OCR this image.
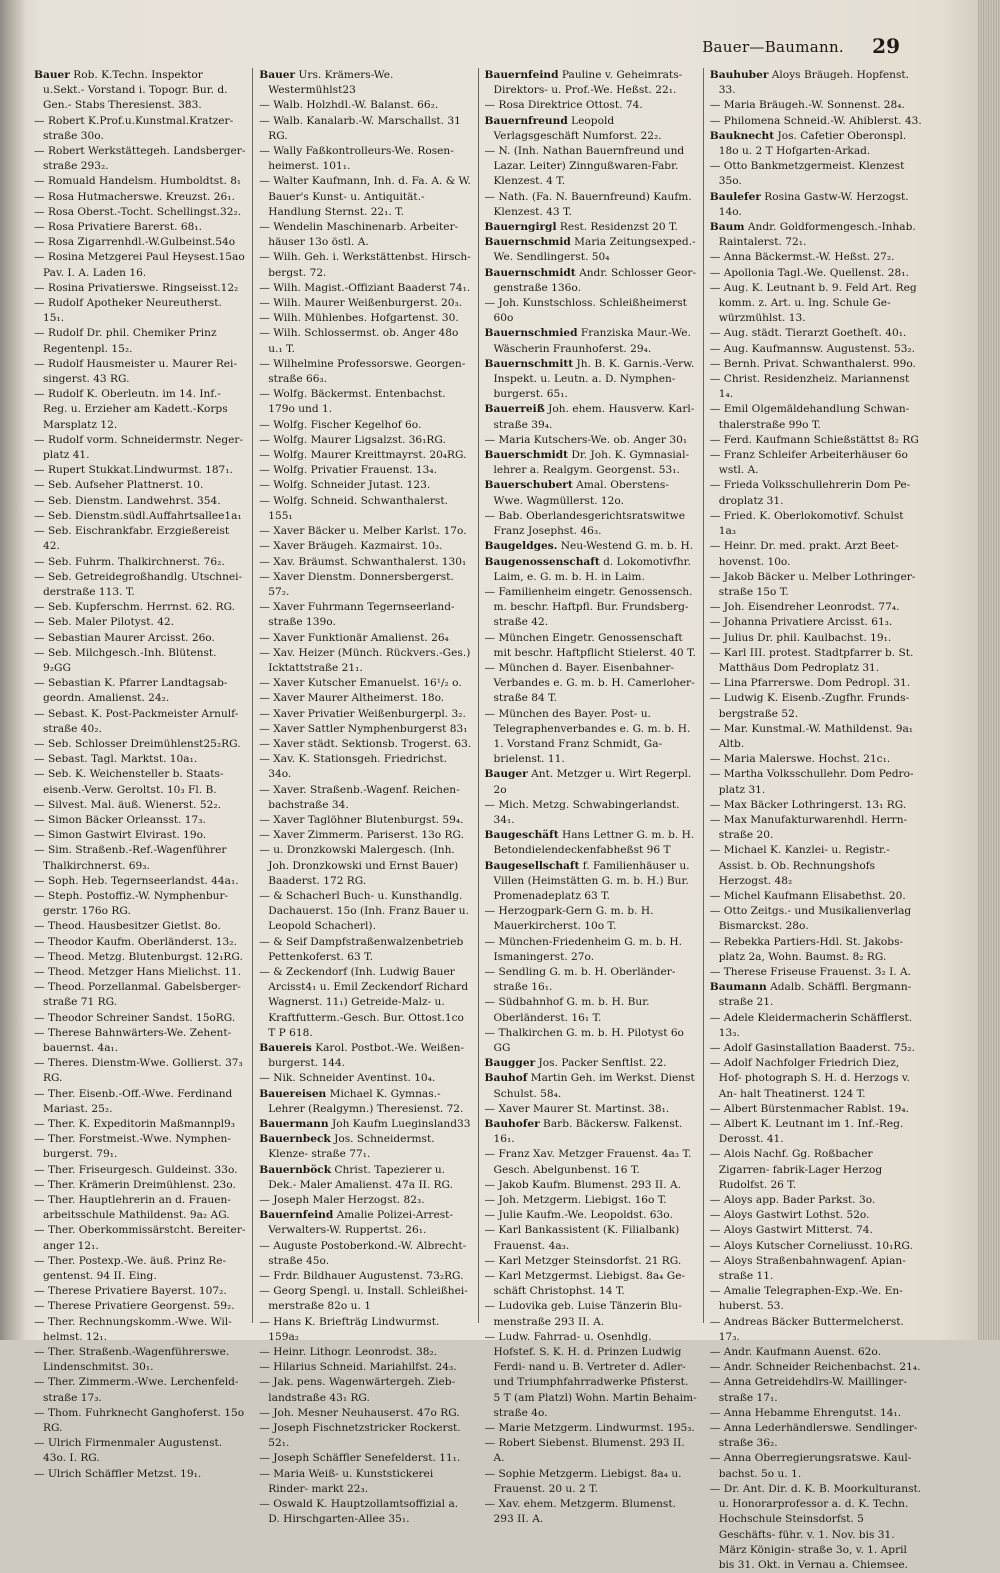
Bauer—Baumann. 29

Bauer Rob. K.Techn. Inspektor u.Sekt.- Vorstand i. Topogr. Bur. d. Gen.- Stabs Theresienst. 383.

— Robert K.Prof.u.Kunstmal.Kratzer- straße 30o.

— Robert Werkstättegeh. Landsberger- straße 293₂.

— Romuald Handelsm. Humboldtst. 8₁

— Rosa Hutmacherswe. Kreuzst. 26₁.

— Rosa Oberst.-Tocht. Schellingst.32₂.

— Rosa Privatiere Barerst. 68₁.

— Rosa Zigarrenhdl.-W.Gulbeinst.54o

— Rosina Metzgerei Paul Heysest.15ao Pav. I. A. Laden 16.

— Rosina Privatierswe. Ringseisst.12₂

— Rudolf Apotheker Neureutherst. 15₁.

— Rudolf Dr. phil. Chemiker Prinz Regentenpl. 15₂.

— Rudolf Hausmeister u. Maurer Rei- singerst. 43 RG.

— Rudolf K. Oberleutn. im 14. Inf.- Reg. u. Erzieher am Kadett.-Korps Marsplatz 12.

— Rudolf vorm. Schneidermstr. Neger- platz 41.

— Rupert Stukkat.Lindwurmst. 187₁.

— Seb. Aufseher Plattnerst. 10.

— Seb. Dienstm. Landwehrst. 354.

— Seb. Dienstm.südl.Auffahrtsallee1a₁

— Seb. Eischrankfabr. Erzgießereist 42.

— Seb. Fuhrm. Thalkirchnerst. 76₂.

— Seb. Getreidegroßhandlg. Utschnei- derstraße 113. T.

— Seb. Kupferschm. Herrnst. 62. RG.

— Seb. Maler Pilotyst. 42.

— Sebastian Maurer Arcisst. 26o.

— Seb. Milchgesch.-Inh. Blütenst. 9₂GG

— Sebastian K. Pfarrer Landtagsab- geordn. Amalienst. 24₂.

— Sebast. K. Post-Packmeister Arnulf- straße 40₂.

— Seb. Schlosser Dreimühlenst25₂RG.

— Sebast. Tagl. Marktst. 10a₁.

— Seb. K. Weichensteller b. Staats- eisenb.-Verw. Geroltst. 10₃ Fl. B.

— Silvest. Mal. äuß. Wienerst. 52₂.

— Simon Bäcker Orleansst. 17₃.

— Simon Gastwirt Elvirast. 19o.

— Sim. Straßenb.-Ref.-Wagenführer Thalkirchnerst. 69₃.

— Soph. Heb. Tegernseerlandst. 44a₁.

— Steph. Postoffiz.-W. Nymphenbur- gerstr. 176o RG.

— Theod. Hausbesitzer Gietlst. 8o.

— Theodor Kaufm. Oberländerst. 13₂.

— Theod. Metzg. Blutenburgst. 12₁RG.

— Theod. Metzger Hans Mielichst. 11.

— Theod. Porzellanmal. Gabelsberger- straße 71 RG.

— Theodor Schreiner Sandst. 15oRG.

— Therese Bahnwärters-We. Zehent- bauernst. 4a₁.

— Theres. Dienstm-Wwe. Gollierst. 37₃ RG.

— Ther. Eisenb.-Off.-Wwe. Ferdinand Mariast. 25₂.

— Ther. K. Expeditorin Maßmannpl9₃

— Ther. Forstmeist.-Wwe. Nymphen- burgerst. 79₁.

— Ther. Friseurgesch. Guldeinst. 33o.

— Ther. Krämerin Dreimühlenst. 23o.

— Ther. Hauptlehrerin an d. Frauen- arbeitsschule Mathildenst. 9a₂ AG.

— Ther. Oberkommissärstcht. Bereiter- anger 12₁.

— Ther. Postexp.-We. äuß. Prinz Re- gentenst. 94 II. Eing.

— Therese Privatiere Bayerst. 107₂.

— Therese Privatiere Georgenst. 59₂.

— Ther. Rechnungskomm.-Wwe. Wil- helmst. 12₁.

— Ther. Straßenb.-Wagenführerswe. Lindenschmitst. 30₁.

— Ther. Zimmerm.-Wwe. Lerchenfeld- straße 17₃.

— Thom. Fuhrknecht Ganghoferst. 15o RG.

— Ulrich Firmenmaler Augustenst. 43o. I. RG.

— Ulrich Schäffler Metzst. 19₁.

Bauer Urs. Krämers-We. Westermühlst23

— Walb. Holzhdl.-W. Balanst. 66₂.

— Walb. Kanalarb.-W. Marschallst. 31 RG.

— Wally Faßkontrolleurs-We. Rosen- heimerst. 101₁.

— Walter Kaufmann, Inh. d. Fa. A. & W. Bauer's Kunst- u. Antiquität.- Handlung Sternst. 22₁. T.

— Wendelin Maschinenarb. Arbeiter- häuser 13o östl. A.

— Wilh. Geh. i. Werkstättenbst. Hirsch- bergst. 72.

— Wilh. Magist.-Offiziant Baaderst 74₁.

— Wilh. Maurer Weißenburgerst. 20₃.

— Wilh. Mühlenbes. Hofgartenst. 30.

— Wilh. Schlossermst. ob. Anger 48o u.₁ T.

— Wilhelmine Professorswe. Georgen- straße 66₃.

— Wolfg. Bäckermst. Entenbachst. 179o und 1.

— Wolfg. Fischer Kegelhof 6o.

— Wolfg. Maurer Ligsalzst. 36₁RG.

— Wolfg. Maurer Kreittmayrst. 20₄RG.

— Wolfg. Privatier Frauenst. 13₄.

— Wolfg. Schneider Jutast. 123.

— Wolfg. Schneid. Schwanthalerst. 155₁

— Xaver Bäcker u. Melber Karlst. 17o.

— Xaver Bräugeh. Kazmairst. 10₃.

— Xav. Bräumst. Schwanthalerst. 130₁

— Xaver Dienstm. Donnersbergerst. 57₂.

— Xaver Fuhrmann Tegernseerland- straße 139o.

— Xaver Funktionär Amalienst. 26₄

— Xav. Heizer (Münch. Rückvers.-Ges.) Icktattstraße 21₁.

— Xaver Kutscher Emanuelst. 16¹/₂ o.

— Xaver Maurer Altheimerst. 18o.

— Xaver Privatier Weißenburgerpl. 3₂.

— Xaver Sattler Nymphenburgerst 83₁

— Xaver städt. Sektionsb. Trogerst. 63.

— Xav. K. Stationsgeh. Friedrichst. 34o.

— Xaver. Straßenb.-Wagenf. Reichen- bachstraße 34.

— Xaver Taglöhner Blutenburgst. 59₄.

— Xaver Zimmerm. Pariserst. 13o RG.

— u. Dronzkowski Malergesch. (Inh. Joh. Dronzkowski und Ernst Bauer) Baaderst. 172 RG.

— & Schacherl Buch- u. Kunsthandlg. Dachauerst. 15o (Inh. Franz Bauer u. Leopold Schacherl).

— & Seif Dampfstraßenwalzenbetrieb Pettenkoferst. 63 T.

— & Zeckendorf (Inh. Ludwig Bauer Arcisst4₁ u. Emil Zeckendorf Richard Wagnerst. 11₁) Getreide-Malz- u. Kraftfutterm.-Gesch. Bur. Ottost.1co T P 618.

Bauereis Karol. Postbot.-We. Weißen- burgerst. 144.

— Nik. Schneider Aventinst. 10₄.

Bauereisen Michael K. Gymnas.-Lehrer (Realgymn.) Theresienst. 72.

Bauermann Joh Kaufm Lueginsland33

Bauernbeck Jos. Schneidermst. Klenze- straße 77₁.

Bauernböck Christ. Tapezierer u. Dek.- Maler Amalienst. 47a II. RG.

— Joseph Maler Herzogst. 82₃.

Bauernfeind Amalie Polizei-Arrest- Verwalters-W. Ruppertst. 26₁.

— Auguste Postoberkond.-W. Albrecht- straße 45o.

— Frdr. Bildhauer Augustenst. 73₂RG.

— Georg Spengl. u. Install. Schleißhei- merstraße 82o u. 1

— Hans K. Briefträg Lindwurmst. 159a₂

— Heinr. Lithogr. Leonrodst. 38₂.

— Hilarius Schneid. Mariahilfst. 24₃.

— Jak. pens. Wagenwärtergeh. Zieb- landstraße 43₁ RG.

— Joh. Mesner Neuhauserst. 47o RG.

— Joseph Fischnetzstricker Rockerst. 52₁.

— Joseph Schäffler Senefelderst. 11₁.

— Maria Weiß- u. Kunststickerei Rinder- markt 22₃.

— Oswald K. Hauptzollamtsoffizial a. D. Hirschgarten-Allee 35₁.

Bauernfeind Pauline v. Geheimrats- Direktors- u. Prof.-We. Heßst. 22₁.

— Rosa Direktrice Ottost. 74.

Bauernfreund Leopold Verlagsgeschäft Numforst. 22₂.

— N. (Inh. Nathan Bauernfreund und Lazar. Leiter) Zinngußwaren-Fabr. Klenzest. 4 T.

— Nath. (Fa. N. Bauernfreund) Kaufm. Klenzest. 43 T.

Bauerngirgl Rest. Residenzst 20 T.

Bauernschmid Maria Zeitungsexped.- We. Sendlingerst. 50₄

Bauernschmidt Andr. Schlosser Geor- genstraße 136o.

— Joh. Kunstschloss. Schleißheimerst 60o

Bauernschmied Franziska Maur.-We. Wäscherin Fraunhoferst. 29₄.

Bauernschmitt Jh. B. K. Garnis.-Verw. Inspekt. u. Leutn. a. D. Nymphen- burgerst. 65₁.

Bauerreiß Joh. ehem. Hausverw. Karl- straße 39₄.

— Maria Kutschers-We. ob. Anger 30₁

Bauerschmidt Dr. Joh. K. Gymnasial- lehrer a. Realgym. Georgenst. 53₁.

Bauerschubert Amal. Oberstens-Wwe. Wagmüllerst. 12o.

— Bab. Oberlandesgerichtsratswitwe Franz Josephst. 46₃.

Baugeldges. Neu-Westend G. m. b. H.

Baugenossenschaft d. Lokomotivfhr. Laim, e. G. m. b. H. in Laim.

— Familienheim eingetr. Genossensch. m. beschr. Haftpfl. Bur. Frundsberg- straße 42.

— München Eingetr. Genossenschaft mit beschr. Haftpflicht Stielerst. 40 T.

— München d. Bayer. Eisenbahner- Verbandes e. G. m. b. H. Camerloher- straße 84 T.

— München des Bayer. Post- u. Telegraphenverbandes e. G. m. b. H. 1. Vorstand Franz Schmidt, Ga- brielenst. 11.

Bauger Ant. Metzger u. Wirt Regerpl. 2o

— Mich. Metzg. Schwabingerlandst. 34₁.

Baugeschäft Hans Lettner G. m. b. H. Betondielendeckenfabheßst 96 T

Baugesellschaft f. Familienhäuser u. Villen (Heimstätten G. m. b. H.) Bur. Promenadeplatz 63 T.

— Herzogpark-Gern G. m. b. H. Mauerkircherst. 10o T.

— München-Friedenheim G. m. b. H. Ismaningerst. 27o.

— Sendling G. m. b. H. Oberländer- straße 16₁.

— Südbahnhof G. m. b. H. Bur. Oberländerst. 16₁ T.

— Thalkirchen G. m. b. H. Pilotyst 6o GG

Baugger Jos. Packer Senftlst. 22.

Bauhof Martin Geh. im Werkst. Dienst Schulst. 58₄.

— Xaver Maurer St. Martinst. 38₁.

Bauhofer Barb. Bäckersw. Falkenst. 16₁.

— Franz Xav. Metzger Frauenst. 4a₃ T. Gesch. Abelgunbenst. 16 T.

— Jakob Kaufm. Blumenst. 293 II. A.

— Joh. Metzgerm. Liebigst. 16o T.

— Julie Kaufm.-We. Leopoldst. 63o.

— Karl Bankassistent (K. Filialbank) Frauenst. 4a₃.

— Karl Metzger Steinsdorfst. 21 RG.

— Karl Metzgermst. Liebigst. 8a₄ Ge- schäft Christophst. 14 T.

— Ludovika geb. Luise Tänzerin Blu- menstraße 293 II. A.

— Ludw. Fahrrad- u. Osenhdlg. Hofstef. S. K. H. d. Prinzen Ludwig Ferdi- nand u. B. Vertreter d. Adler- und Triumphfahrradwerke Pfisterst. 5 T (am Platzl) Wohn. Martin Behaim- straße 4o.

— Marie Metzgerm. Lindwurmst. 195₃.

— Robert Siebenst. Blumenst. 293 II. A.

— Sophie Metzgerm. Liebigst. 8a₄ u. Frauenst. 20 u. 2 T.

— Xav. ehem. Metzgerm. Blumenst. 293 II. A.

Bauhuber Aloys Bräugeh. Hopfenst. 33.

— Maria Bräugeh.-W. Sonnenst. 28₄.

— Philomena Schneid.-W. Ahiblerst. 43.

Bauknecht Jos. Cafetier Oberonspl. 18o u. 2 T Hofgarten-Arkad.

— Otto Bankmetzgermeist. Klenzest 35o.

Baulefer Rosina Gastw-W. Herzogst. 14o.

Baum Andr. Goldformengesch.-Inhab. Raintalerst. 72₁.

— Anna Bäckermst.-W. Heßst. 27₂.

— Apollonia Tagl.-We. Quellenst. 28₁.

— Aug. K. Leutnant b. 9. Feld Art. Reg komm. z. Art. u. Ing. Schule Ge- würzmühlst. 13.

— Aug. städt. Tierarzt Goetheſt. 40₁.

— Aug. Kaufmannsw. Augustenst. 53₂.

— Bernh. Privat. Schwanthalerst. 99o.

— Christ. Residenzheiz. Mariannenst 1₄.

— Emil Olgemäldehandlung Schwan- thalerstraße 99o T.

— Ferd. Kaufmann Schießstättst 8₂ RG

— Franz Schleifer Arbeiterhäuser 6o wstl. A.

— Frieda Volksschullehrerin Dom Pe- droplatz 31.

— Fried. K. Oberlokomotivf. Schulst 1a₃

— Heinr. Dr. med. prakt. Arzt Beet- hovenst. 10o.

— Jakob Bäcker u. Melber Lothringer- straße 15o T.

— Joh. Eisendreher Leonrodst. 77₄.

— Johanna Privatiere Arcisst. 61₃.

— Julius Dr. phil. Kaulbachst. 19₁.

— Karl III. protest. Stadtpfarrer b. St. Matthäus Dom Pedroplatz 31.

— Lina Pfarrerswe. Dom Pedropl. 31.

— Ludwig K. Eisenb.-Zugfhr. Frunds- bergstraße 52.

— Mar. Kunstmal.-W. Mathildenst. 9a₁ Altb.

— Maria Malerswe. Hochst. 21c₁.

— Martha Volksschullehr. Dom Pedro- platz 31.

— Max Bäcker Lothringerst. 13₁ RG.

— Max Manufakturwarenhdl. Herrn- straße 20.

— Michael K. Kanzlei- u. Registr.-Assist. b. Ob. Rechnungshofs Herzogst. 48₂

— Michel Kaufmann Elisabethst. 20.

— Otto Zeitgs.- und Musikalienverlag Bismarckst. 28o.

— Rebekka Partiers-Hdl. St. Jakobs- platz 2a, Wohn. Baumst. 8₂ RG.

— Therese Friseuse Frauenst. 3₂ I. A.

Baumann Adalb. Schäffl. Bergmann- straße 21.

— Adele Kleidermacherin Schäfflerst. 13₃.

— Adolf Gasinstallation Baaderst. 75₂.

— Adolf Nachfolger Friedrich Diez, Hof- photograph S. H. d. Herzogs v. An- halt Theatinerst. 124 T.

— Albert Bürstenmacher Rablst. 19₄.

— Albert K. Leutnant im 1. Inf.-Reg. Derosst. 41.

— Alois Nachf. Gg. Roßbacher Zigarren- fabrik-Lager Herzog Rudolfst. 26 T.

— Aloys app. Bader Parkst. 3o.

— Aloys Gastwirt Lothst. 52o.

— Aloys Gastwirt Mitterst. 74.

— Aloys Kutscher Corneliusst. 10₁RG.

— Aloys Straßenbahnwagenf. Apian- straße 11.

— Amalie Telegraphen-Exp.-We. En- huberst. 53.

— Andreas Bäcker Buttermelcherst. 17₃.

— Andr. Kaufmann Auenst. 62o.

— Andr. Schneider Reichenbachst. 21₄.

— Anna Getreidehdlrs-W. Maillinger- straße 17₁.

— Anna Hebamme Ehrengutst. 14₁.

— Anna Lederhändlerswe. Sendlinger- straße 36₂.

— Anna Oberregierungsratswe. Kaul- bachst. 5o u. 1.

— Dr. Ant. Dir. d. K. B. Moorkulturanst. u. Honorarprofessor a. d. K. Techn. Hochschule Steinsdorfst. 5 Geschäfts- führ. v. 1. Nov. bis 31. März Königin- straße 3o, v. 1. April bis 31. Okt. in Vernau a. Chiemsee.
